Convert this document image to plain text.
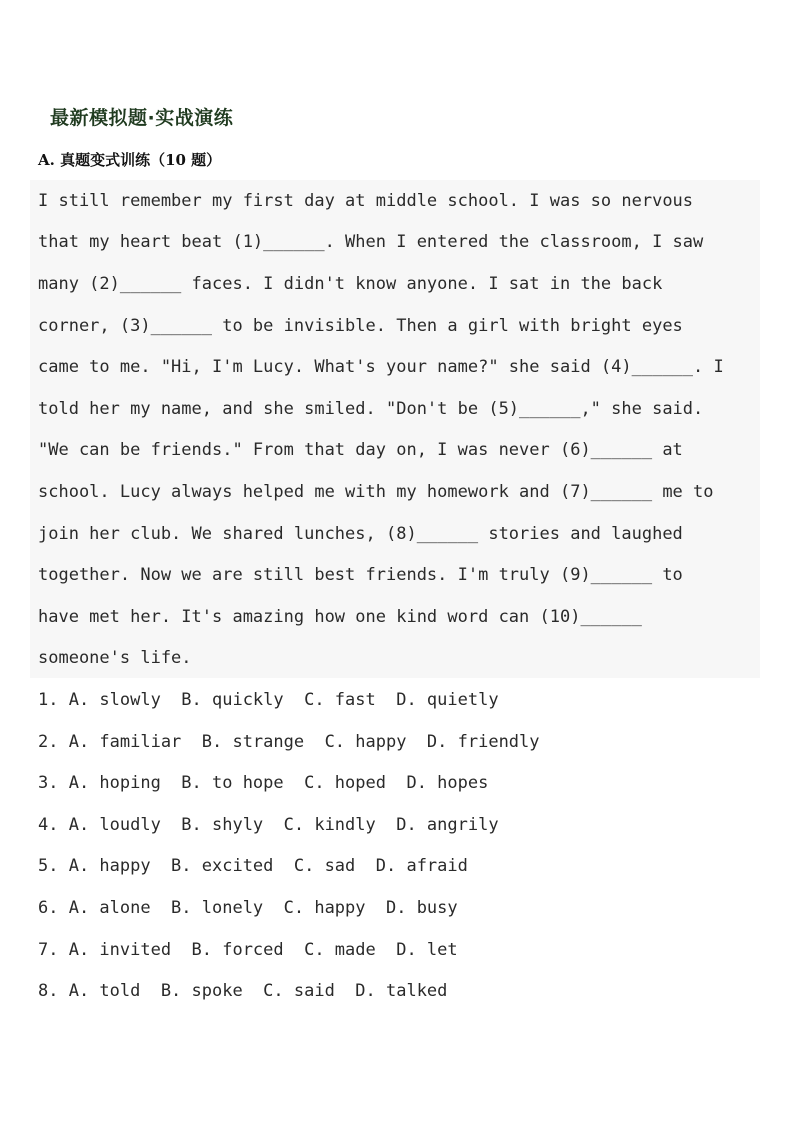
最新模拟题·实战演练
A. 真题变式训练（10 题）
I still remember my first day at middle school. I was so nervous
that my heart beat (1)______. When I entered the classroom, I saw
many (2)______ faces. I didn't know anyone. I sat in the back
corner, (3)______ to be invisible. Then a girl with bright eyes
came to me. "Hi, I'm Lucy. What's your name?" she said (4)______. I
told her my name, and she smiled. "Don't be (5)______," she said.
"We can be friends." From that day on, I was never (6)______ at
school. Lucy always helped me with my homework and (7)______ me to
join her club. We shared lunches, (8)______ stories and laughed
together. Now we are still best friends. I'm truly (9)______ to
have met her. It's amazing how one kind word can (10)______
someone's life.
1. A. slowly  B. quickly  C. fast  D. quietly
2. A. familiar  B. strange  C. happy  D. friendly
3. A. hoping  B. to hope  C. hoped  D. hopes
4. A. loudly  B. shyly  C. kindly  D. angrily
5. A. happy  B. excited  C. sad  D. afraid
6. A. alone  B. lonely  C. happy  D. busy
7. A. invited  B. forced  C. made  D. let
8. A. told  B. spoke  C. said  D. talked
